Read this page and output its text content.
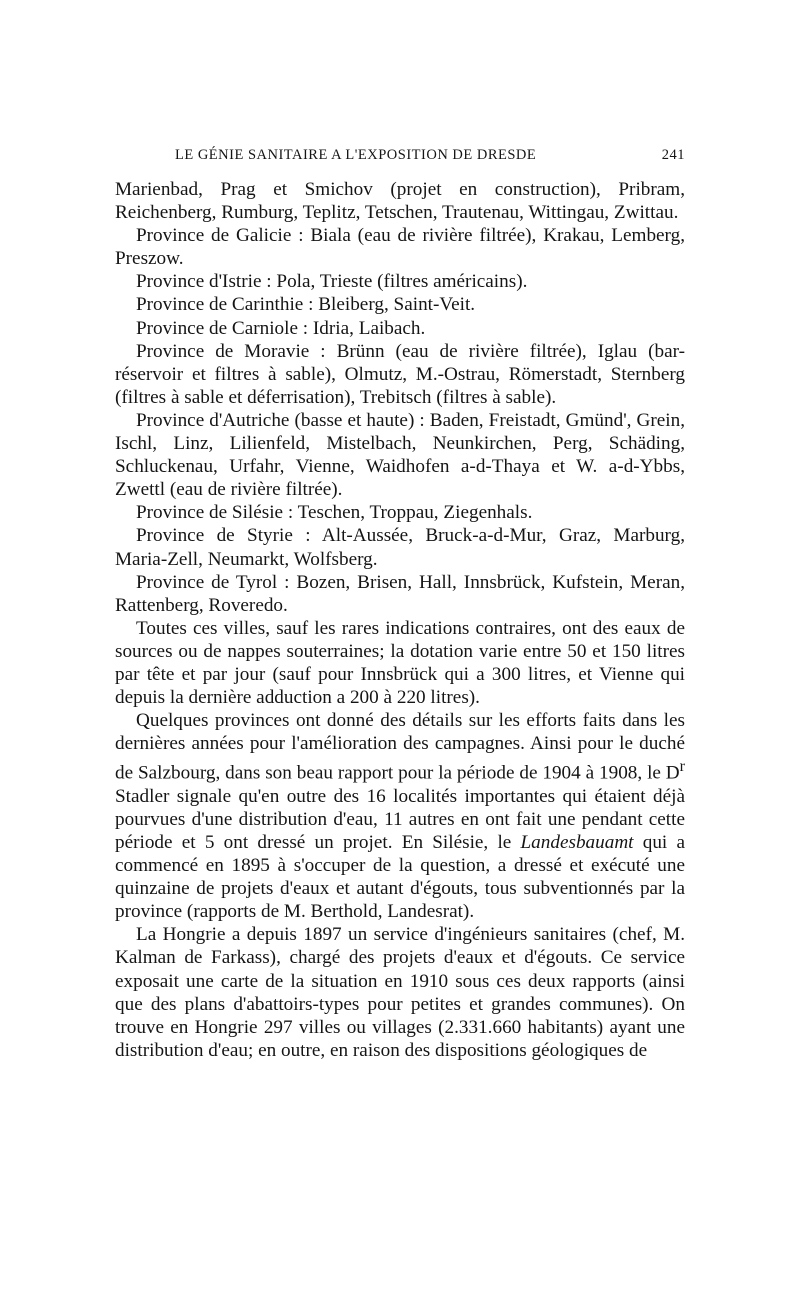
LE GÉNIE SANITAIRE A L'EXPOSITION DE DRESDE	241

Marienbad, Prag et Smichov (projet en construction), Pribram, Reichenberg, Rumburg, Teplitz, Tetschen, Trautenau, Wittingau, Zwittau.

Province de Galicie : Biala (eau de rivière filtrée), Krakau, Lemberg, Preszow.

Province d'Istrie : Pola, Trieste (filtres américains).

Province de Carinthie : Bleiberg, Saint-Veit.

Province de Carniole : Idria, Laibach.

Province de Moravie : Brünn (eau de rivière filtrée), Iglau (bar-réservoir et filtres à sable), Olmutz, M.-Ostrau, Römerstadt, Sternberg (filtres à sable et déferrisation), Trebitsch (filtres à sable).

Province d'Autriche (basse et haute) : Baden, Freistadt, Gmünd', Grein, Ischl, Linz, Lilienfeld, Mistelbach, Neunkirchen, Perg, Schäding, Schluckenau, Urfahr, Vienne, Waidhofen a-d-Thaya et W. a-d-Ybbs, Zwettl (eau de rivière filtrée).

Province de Silésie : Teschen, Troppau, Ziegenhals.

Province de Styrie : Alt-Aussée, Bruck-a-d-Mur, Graz, Marburg, Maria-Zell, Neumarkt, Wolfsberg.

Province de Tyrol : Bozen, Brisen, Hall, Innsbrück, Kufstein, Meran, Rattenberg, Roveredo.

Toutes ces villes, sauf les rares indications contraires, ont des eaux de sources ou de nappes souterraines; la dotation varie entre 50 et 150 litres par tête et par jour (sauf pour Innsbrück qui a 300 litres, et Vienne qui depuis la dernière adduction a 200 à 220 litres).

Quelques provinces ont donné des détails sur les efforts faits dans les dernières années pour l'amélioration des campagnes. Ainsi pour le duché de Salzbourg, dans son beau rapport pour la période de 1904 à 1908, le $D^r$ Stadler signale qu'en outre des 16 localités importantes qui étaient déjà pourvues d'une distribution d'eau, 11 autres en ont fait une pendant cette période et 5 ont dressé un projet. En Silésie, le Landesbauamt qui a commencé en 1895 à s'occuper de la question, a dressé et exécuté une quinzaine de projets d'eaux et autant d'égouts, tous subventionnés par la province (rapports de M. Berthold, Landesrat).

La Hongrie a depuis 1897 un service d'ingénieurs sanitaires (chef, M. Kalman de Farkass), chargé des projets d'eaux et d'égouts. Ce service exposait une carte de la situation en 1910 sous ces deux rapports (ainsi que des plans d'abattoirs-types pour petites et grandes communes). On trouve en Hongrie 297 villes ou villages (2.331.660 habitants) ayant une distribution d'eau; en outre, en raison des dispositions géologiques de
